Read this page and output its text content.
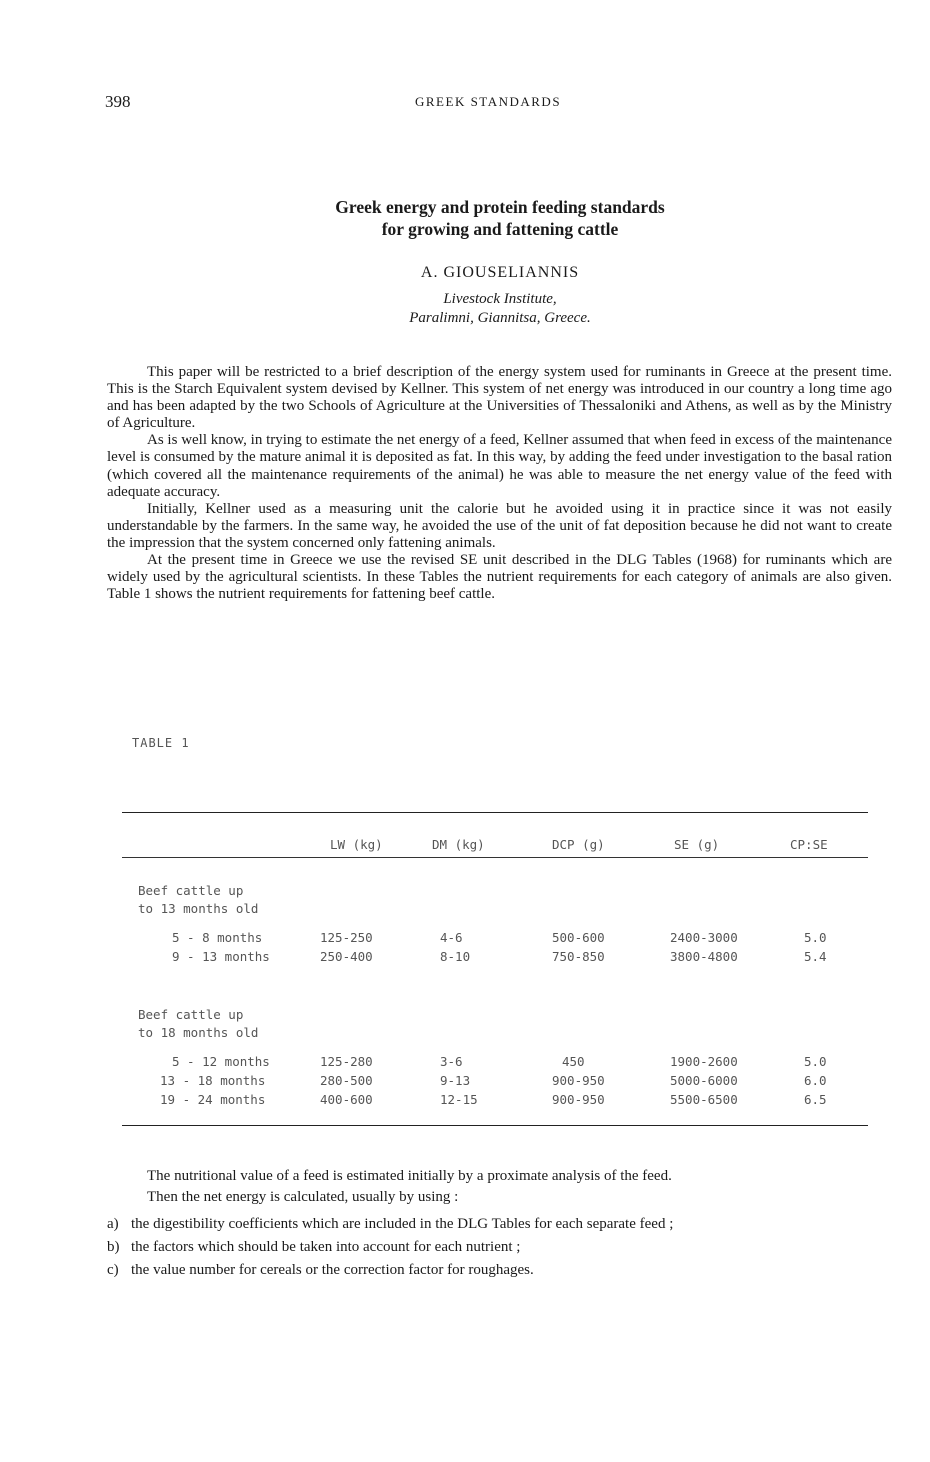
398	GREEK STANDARDS
Greek energy and protein feeding standards
for growing and fattening cattle
A. GIOUSELIANNIS
Livestock Institute,
Paralimni, Giannitsa, Greece.

This paper will be restricted to a brief description of the energy system used for ruminants in Greece at the present time. This is the Starch Equivalent system devised by Kellner. This system of net energy was introduced in our country a long time ago and has been adapted by the two Schools of Agriculture at the Universities of Thessaloniki and Athens, as well as by the Ministry of Agriculture.

As is well know, in trying to estimate the net energy of a feed, Kellner assumed that when feed in excess of the maintenance level is consumed by the mature animal it is deposited as fat. In this way, by adding the feed under investigation to the basal ration (which covered all the maintenance requirements of the animal) he was able to measure the net energy value of the feed with adequate accuracy.

Initially, Kellner used as a measuring unit the calorie but he avoided using it in practice since it was not easily understandable by the farmers. In the same way, he avoided the use of the unit of fat deposition because he did not want to create the impression that the system concerned only fattening animals.

At the present time in Greece we use the revised SE unit described in the DLG Tables (1968) for ruminants which are widely used by the agricultural scientists. In these Tables the nutrient requirements for each category of animals are also given. Table 1 shows the nutrient requirements for fattening beef cattle.

TABLE 1
LW (kg)	DM (kg)	DCP (g)	SE (g)	CP:SE
Beef cattle up
to 13 months old
5 - 8 months	125-250	4-6	500-600	2400-3000	5.0
9 - 13 months	250-400	8-10	750-850	3800-4800	5.4
Beef cattle up
to 18 months old
5 - 12 months	125-280	3-6	450	1900-2600	5.0
13 - 18 months	280-500	9-13	900-950	5000-6000	6.0
19 - 24 months	400-600	12-15	900-950	5500-6500	6.5

The nutritional value of a feed is estimated initially by a proximate analysis of the feed.

Then the net energy is calculated, usually by using :

a) the digestibility coefficients which are included in the DLG Tables for each separate feed ;
b) the factors which should be taken into account for each nutrient ;
c) the value number for cereals or the correction factor for roughages.
